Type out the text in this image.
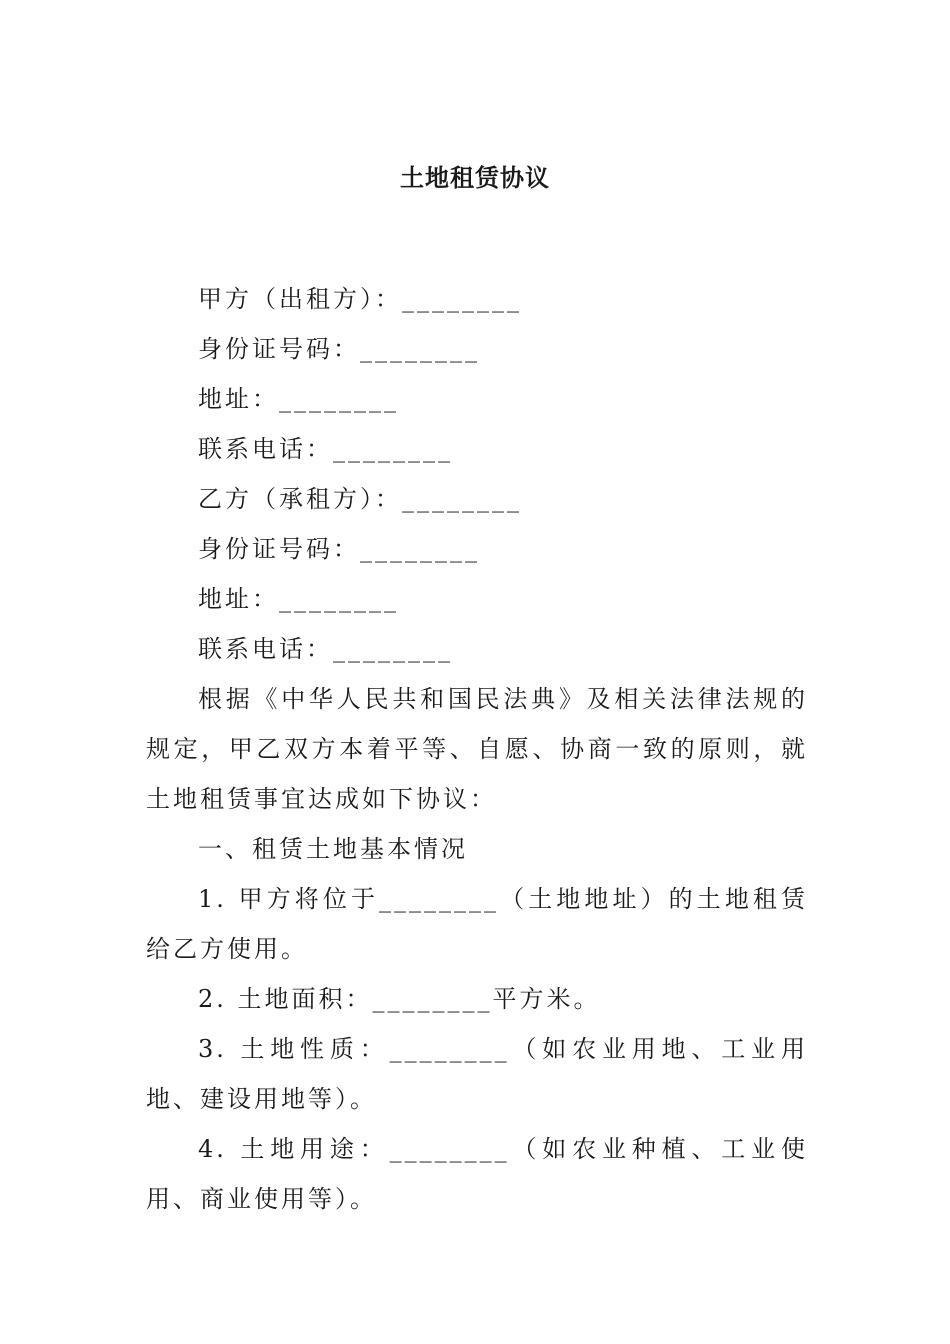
土地租赁协议

甲方（出租方）：________

身份证号码：________

地址：________

联系电话：________

乙方（承租方）：________

身份证号码：________

地址：________

联系电话：________

根据《中华人民共和国民法典》及相关法律法规的规定，甲乙双方本着平等、自愿、协商一致的原则，就土地租赁事宜达成如下协议：

一、租赁土地基本情况

1. 甲方将位于________（土地地址）的土地租赁给乙方使用。

2. 土地面积：________平方米。

3. 土地性质：________（如农业用地、工业用地、建设用地等）。

4. 土地用途：________（如农业种植、工业使用、商业使用等）。
